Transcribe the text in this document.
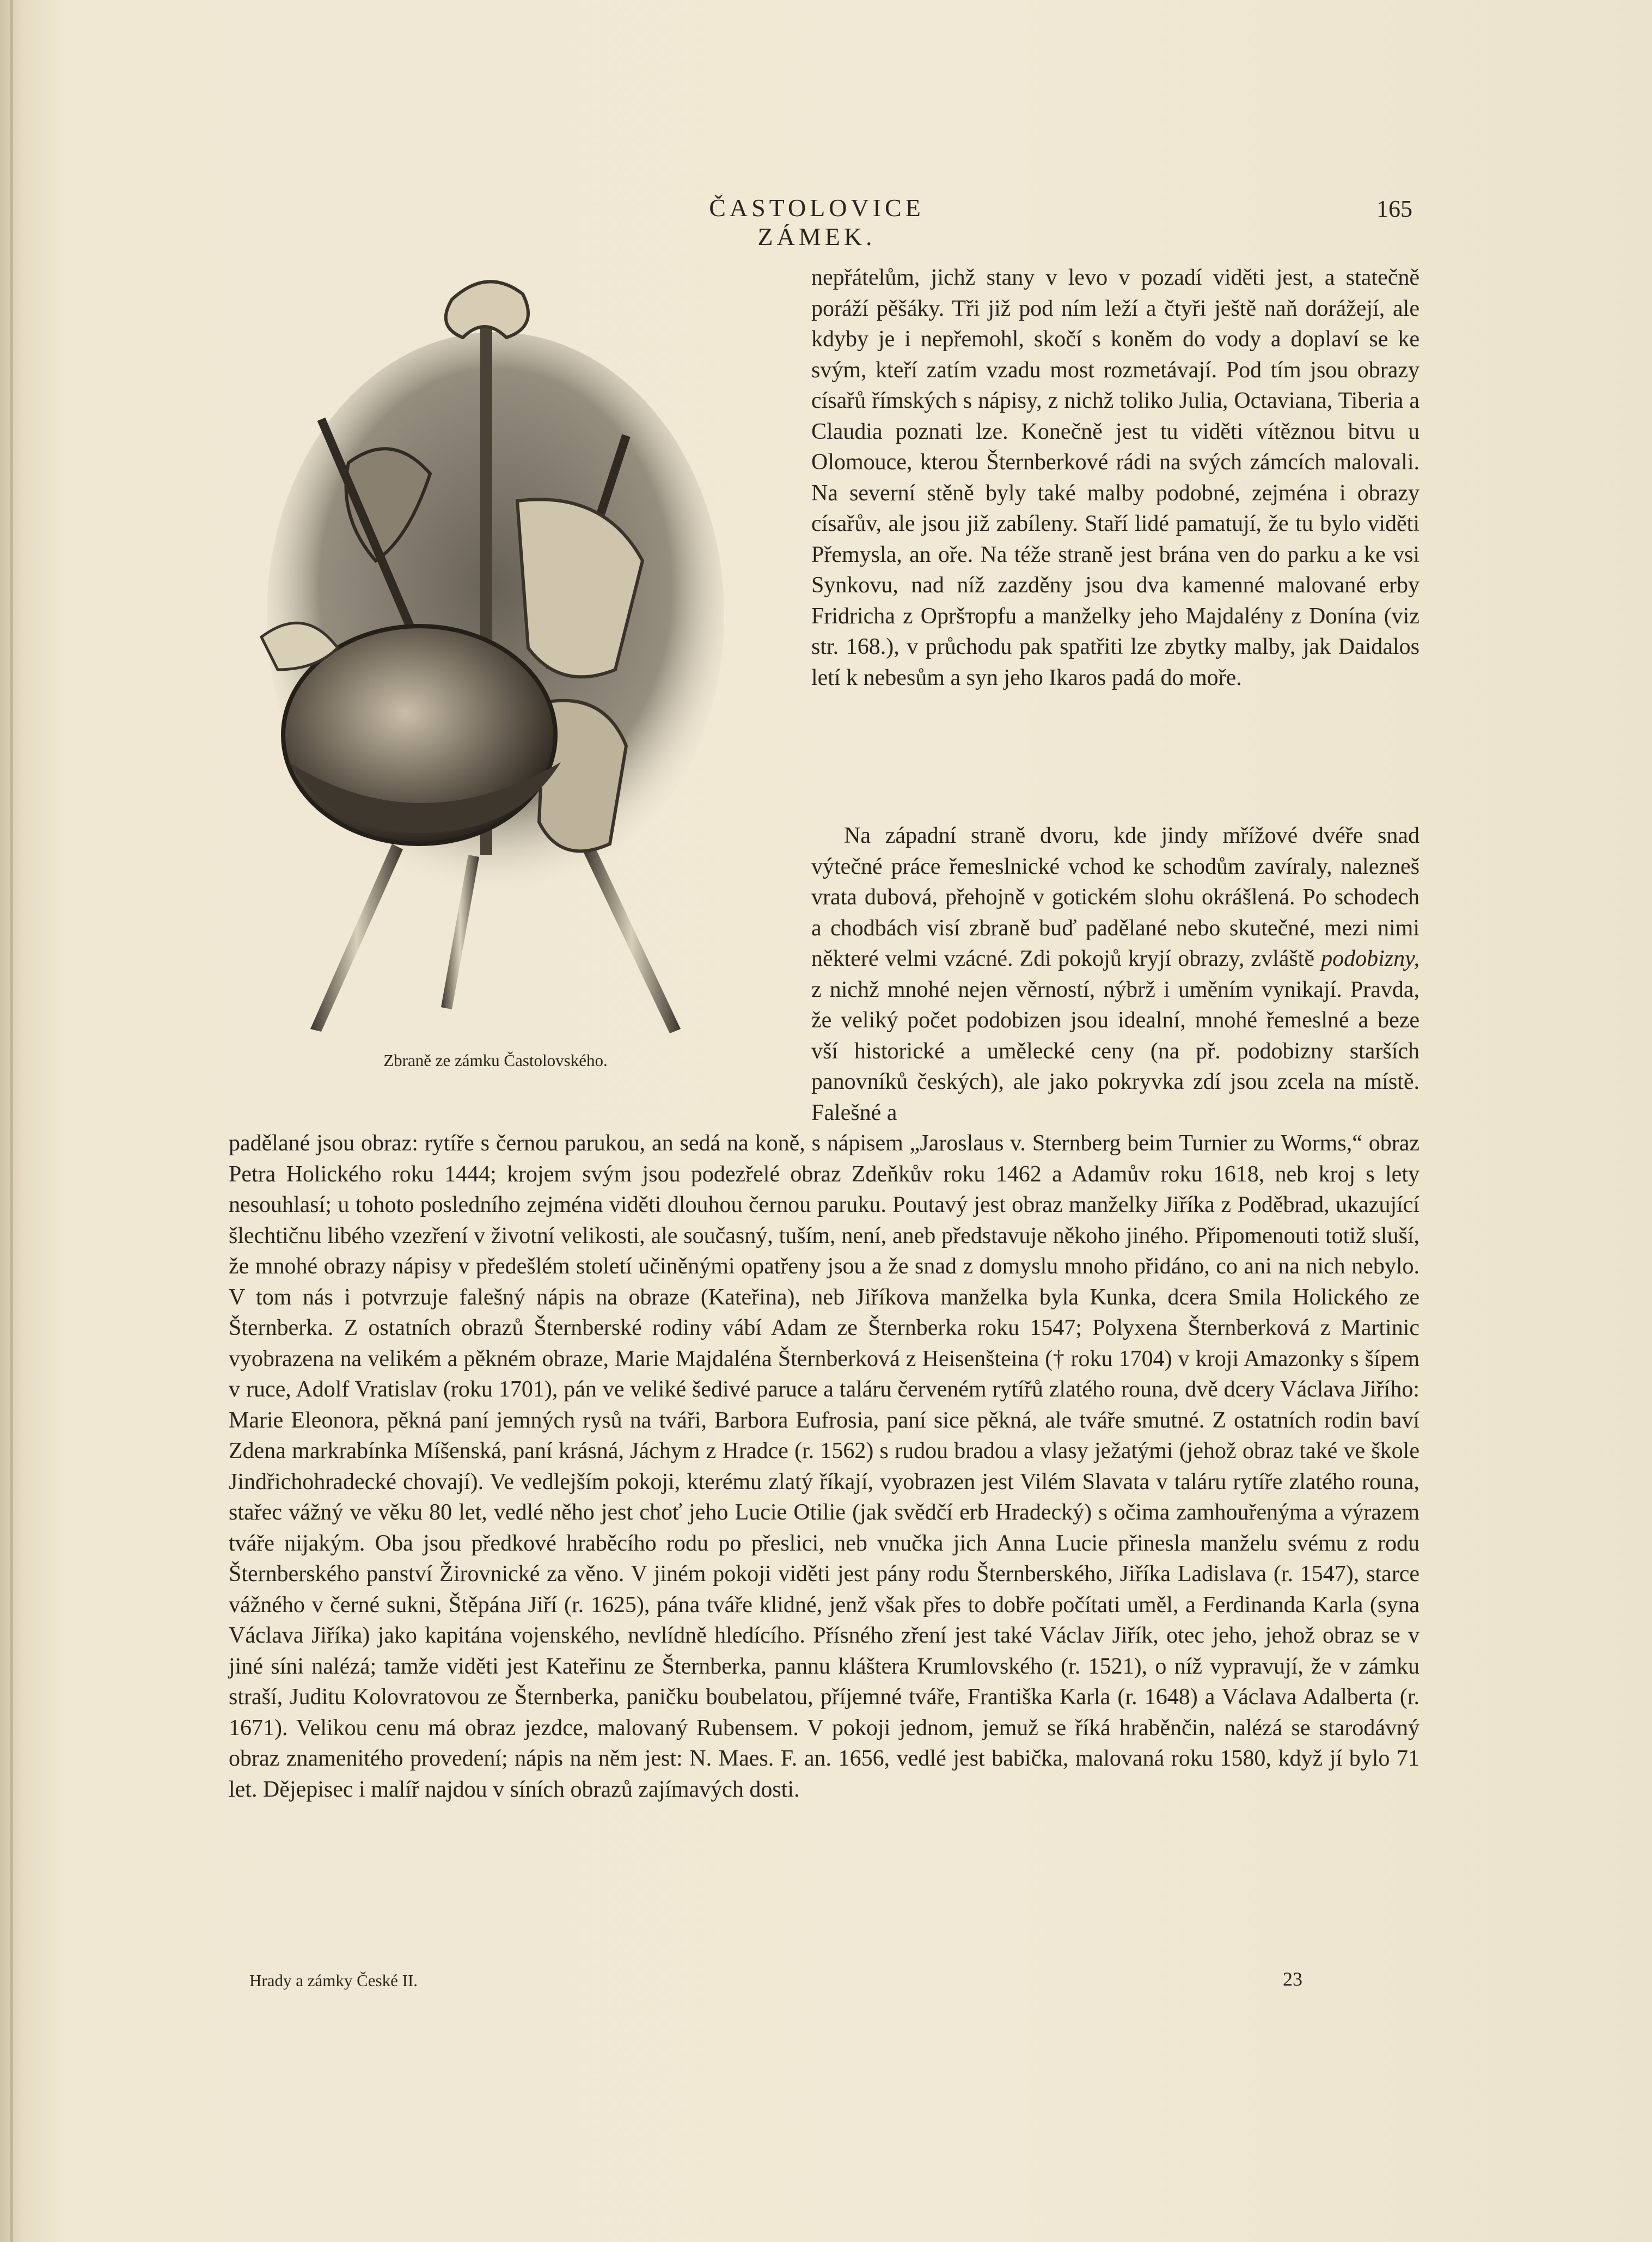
ČASTOLOVICE ZÁMEK.
165
Zbraně ze zámku Častolovského.

nepřátelům, jichž stany v levo v pozadí viděti jest, a statečně poráží pěšáky. Tři již pod ním leží a čtyři ještě naň dorážejí, ale kdyby je i nepřemohl, skočí s koněm do vody a doplaví se ke svým, kteří zatím vzadu most rozmetávají. Pod tím jsou obrazy císařů římských s nápisy, z nichž toliko Julia, Octaviana, Tiberia a Claudia poznati lze. Konečně jest tu viděti vítěznou bitvu u Olomouce, kterou Šternberkové rádi na svých zámcích malovali. Na severní stěně byly také malby podobné, zejména i obrazy císařův, ale jsou již zabíleny. Staří lidé pamatují, že tu bylo viděti Přemysla, an oře. Na téže straně jest brána ven do parku a ke vsi Synkovu, nad níž zazděny jsou dva kamenné malované erby Fridricha z Opršторfu a manželky jeho Majdalény z Donína (viz str. 168.), v průchodu pak spatřiti lze zbytky malby, jak Daidalos letí k nebesům a syn jeho Ikaros padá do moře.

Na západní straně dvoru, kde jindy mřížové dvéře snad výtečné práce řemeslnické vchod ke schodům zavíraly, nalezneš vrata dubová, přehojně v gotickém slohu okrášlená. Po schodech a chodbách visí zbraně buď padělané nebo skutečné, mezi nimi některé velmi vzácné. Zdi pokojů kryjí obrazy, zvláště podobizny, z nichž mnohé nejen věrností, nýbrž i uměním vynikají. Pravda, že veliký počet podobizen jsou idealní, mnohé řemeslné a beze vší historické a umělecké ceny (na př. podobizny starších panovníků českých), ale jako pokryvka zdí jsou zcela na místě. Falešné a

padělané jsou obraz: rytíře s černou parukou, an sedá na koně, s nápisem „Jaroslaus v. Sternberg beim Turnier zu Worms,“ obraz Petra Holického roku 1444; krojem svým jsou podezřelé obraz Zdeňkův roku 1462 a Adamův roku 1618, neb kroj s lety nesouhlasí; u tohoto posledního zejména viděti dlouhou černou paruku. Poutavý jest obraz manželky Jiříka z Poděbrad, ukazující šlechtičnu libého vzezření v životní velikosti, ale současný, tuším, není, aneb představuje někoho jiného. Připomenouti totiž sluší, že mnohé obrazy nápisy v předešlém století učiněnými opatřeny jsou a že snad z domyslu mnoho přidáno, co ani na nich nebylo. V tom nás i potvrzuje falešný nápis na obraze (Kateřina), neb Jiříkova manželka byla Kunka, dcera Smila Holického ze Šternberka. Z ostatních obrazů Šternberské rodiny vábí Adam ze Šternberka roku 1547; Polyxena Šternberková z Martinic vyobrazena na velikém a pěkném obraze, Marie Majdaléna Šternberková z Heisenšteina († roku 1704) v kroji Amazonky s šípem v ruce, Adolf Vratislav (roku 1701), pán ve veliké šedivé paruce a taláru červeném rytířů zlatého rouna, dvě dcery Václava Jiřího: Marie Eleonora, pěkná paní jemných rysů na tváři, Barbora Eufrosia, paní sice pěkná, ale tváře smutné. Z ostatních rodin baví Zdena markrabínka Míšenská, paní krásná, Jáchym z Hradce (r. 1562) s rudou bradou a vlasy ježatými (jehož obraz také ve škole Jindřichohradecké chovají). Ve vedlejším pokoji, kterému zlatý říkají, vyobrazen jest Vilém Slavata v taláru rytíře zlatého rouna, stařec vážný ve věku 80 let, vedlé něho jest choť jeho Lucie Otilie (jak svědčí erb Hradecký) s očima zamhouřenýma a výrazem tváře nijakým. Oba jsou předkové hraběcího rodu po přeslici, neb vnučka jich Anna Lucie přinesla manželu svému z rodu Šternberského panství Žirovnické za věno. V jiném pokoji viděti jest pány rodu Šternberského, Jiříka Ladislava (r. 1547), starce vážného v černé sukni, Štěpána Jiří (r. 1625), pána tváře klidné, jenž však přes to dobře počítati uměl, a Ferdinanda Karla (syna Václava Jiříka) jako kapitána vojenského, nevlídně hledícího. Přísného zření jest také Václav Jiřík, otec jeho, jehož obraz se v jiné síni nalézá; tamže viděti jest Kateřinu ze Šternberka, pannu kláštera Krumlovského (r. 1521), o níž vypravují, že v zámku straší, Juditu Kolovratovou ze Šternberka, paničku boubelatou, příjemné tváře, Františka Karla (r. 1648) a Václava Adalberta (r. 1671). Velikou cenu má obraz jezdce, malovaný Rubensem. V pokoji jednom, jemuž se říká hraběnčin, nalézá se starodávný obraz znamenitého provedení; nápis na něm jest: N. Maes. F. an. 1656, vedlé jest babička, malovaná roku 1580, když jí bylo 71 let. Dějepisec i malíř najdou v síních obrazů zajímavých dosti.

Hrady a zámky České II.	23
